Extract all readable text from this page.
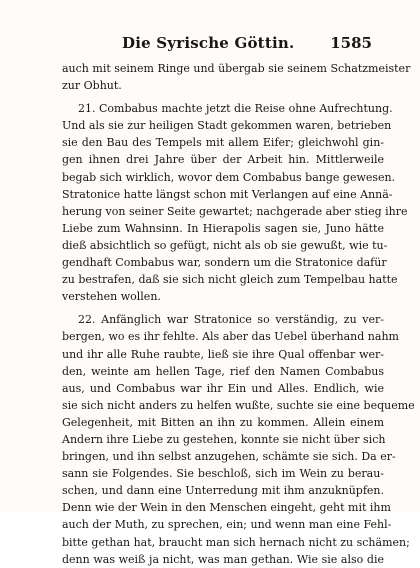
Die Syrische Göttin. 1585
auch mit seinem Ringe und übergab sie seinem Schatzmeister
zur Obhut.
21. Combabus machte jetzt die Reise ohne Aufrechtung.
Und als sie zur heiligen Stadt gekommen waren, betrieben
sie den Bau des Tempels mit allem Eifer; gleichwohl gin-
gen ihnen drei Jahre über der Arbeit hin. Mittlerweile
begab sich wirklich, wovor dem Combabus bange gewesen.
Stratonice hatte längst schon mit Verlangen auf eine Annä-
herung von seiner Seite gewartet; nachgerade aber stieg ihre
Liebe zum Wahnsinn. In Hierapolis sagen sie, Juno hätte
dieß absichtlich so gefügt, nicht als ob sie gewußt, wie tu-
gendhaft Combabus war, sondern um die Stratonice dafür
zu bestrafen, daß sie sich nicht gleich zum Tempelbau hatte
verstehen wollen.
22. Anfänglich war Stratonice so verständig, zu ver-
bergen, wo es ihr fehlte. Als aber das Uebel überhand nahm
und ihr alle Ruhe raubte, ließ sie ihre Qual offenbar wer-
den, weinte am hellen Tage, rief den Namen Combabus
aus, und Combabus war ihr Ein und Alles. Endlich, wie
sie sich nicht anders zu helfen wußte, suchte sie eine bequeme
Gelegenheit, mit Bitten an ihn zu kommen. Allein einem
Andern ihre Liebe zu gestehen, konnte sie nicht über sich
bringen, und ihn selbst anzugehen, schämte sie sich. Da er-
sann sie Folgendes. Sie beschloß, sich im Wein zu berau-
schen, und dann eine Unterredung mit ihm anzuknüpfen.
Denn wie der Wein in den Menschen eingeht, geht mit ihm
auch der Muth, zu sprechen, ein; und wenn man eine Fehl-
bitte gethan hat, braucht man sich hernach nicht zu schämen;
denn was weiß ja nicht, was man gethan. Wie sie also die
